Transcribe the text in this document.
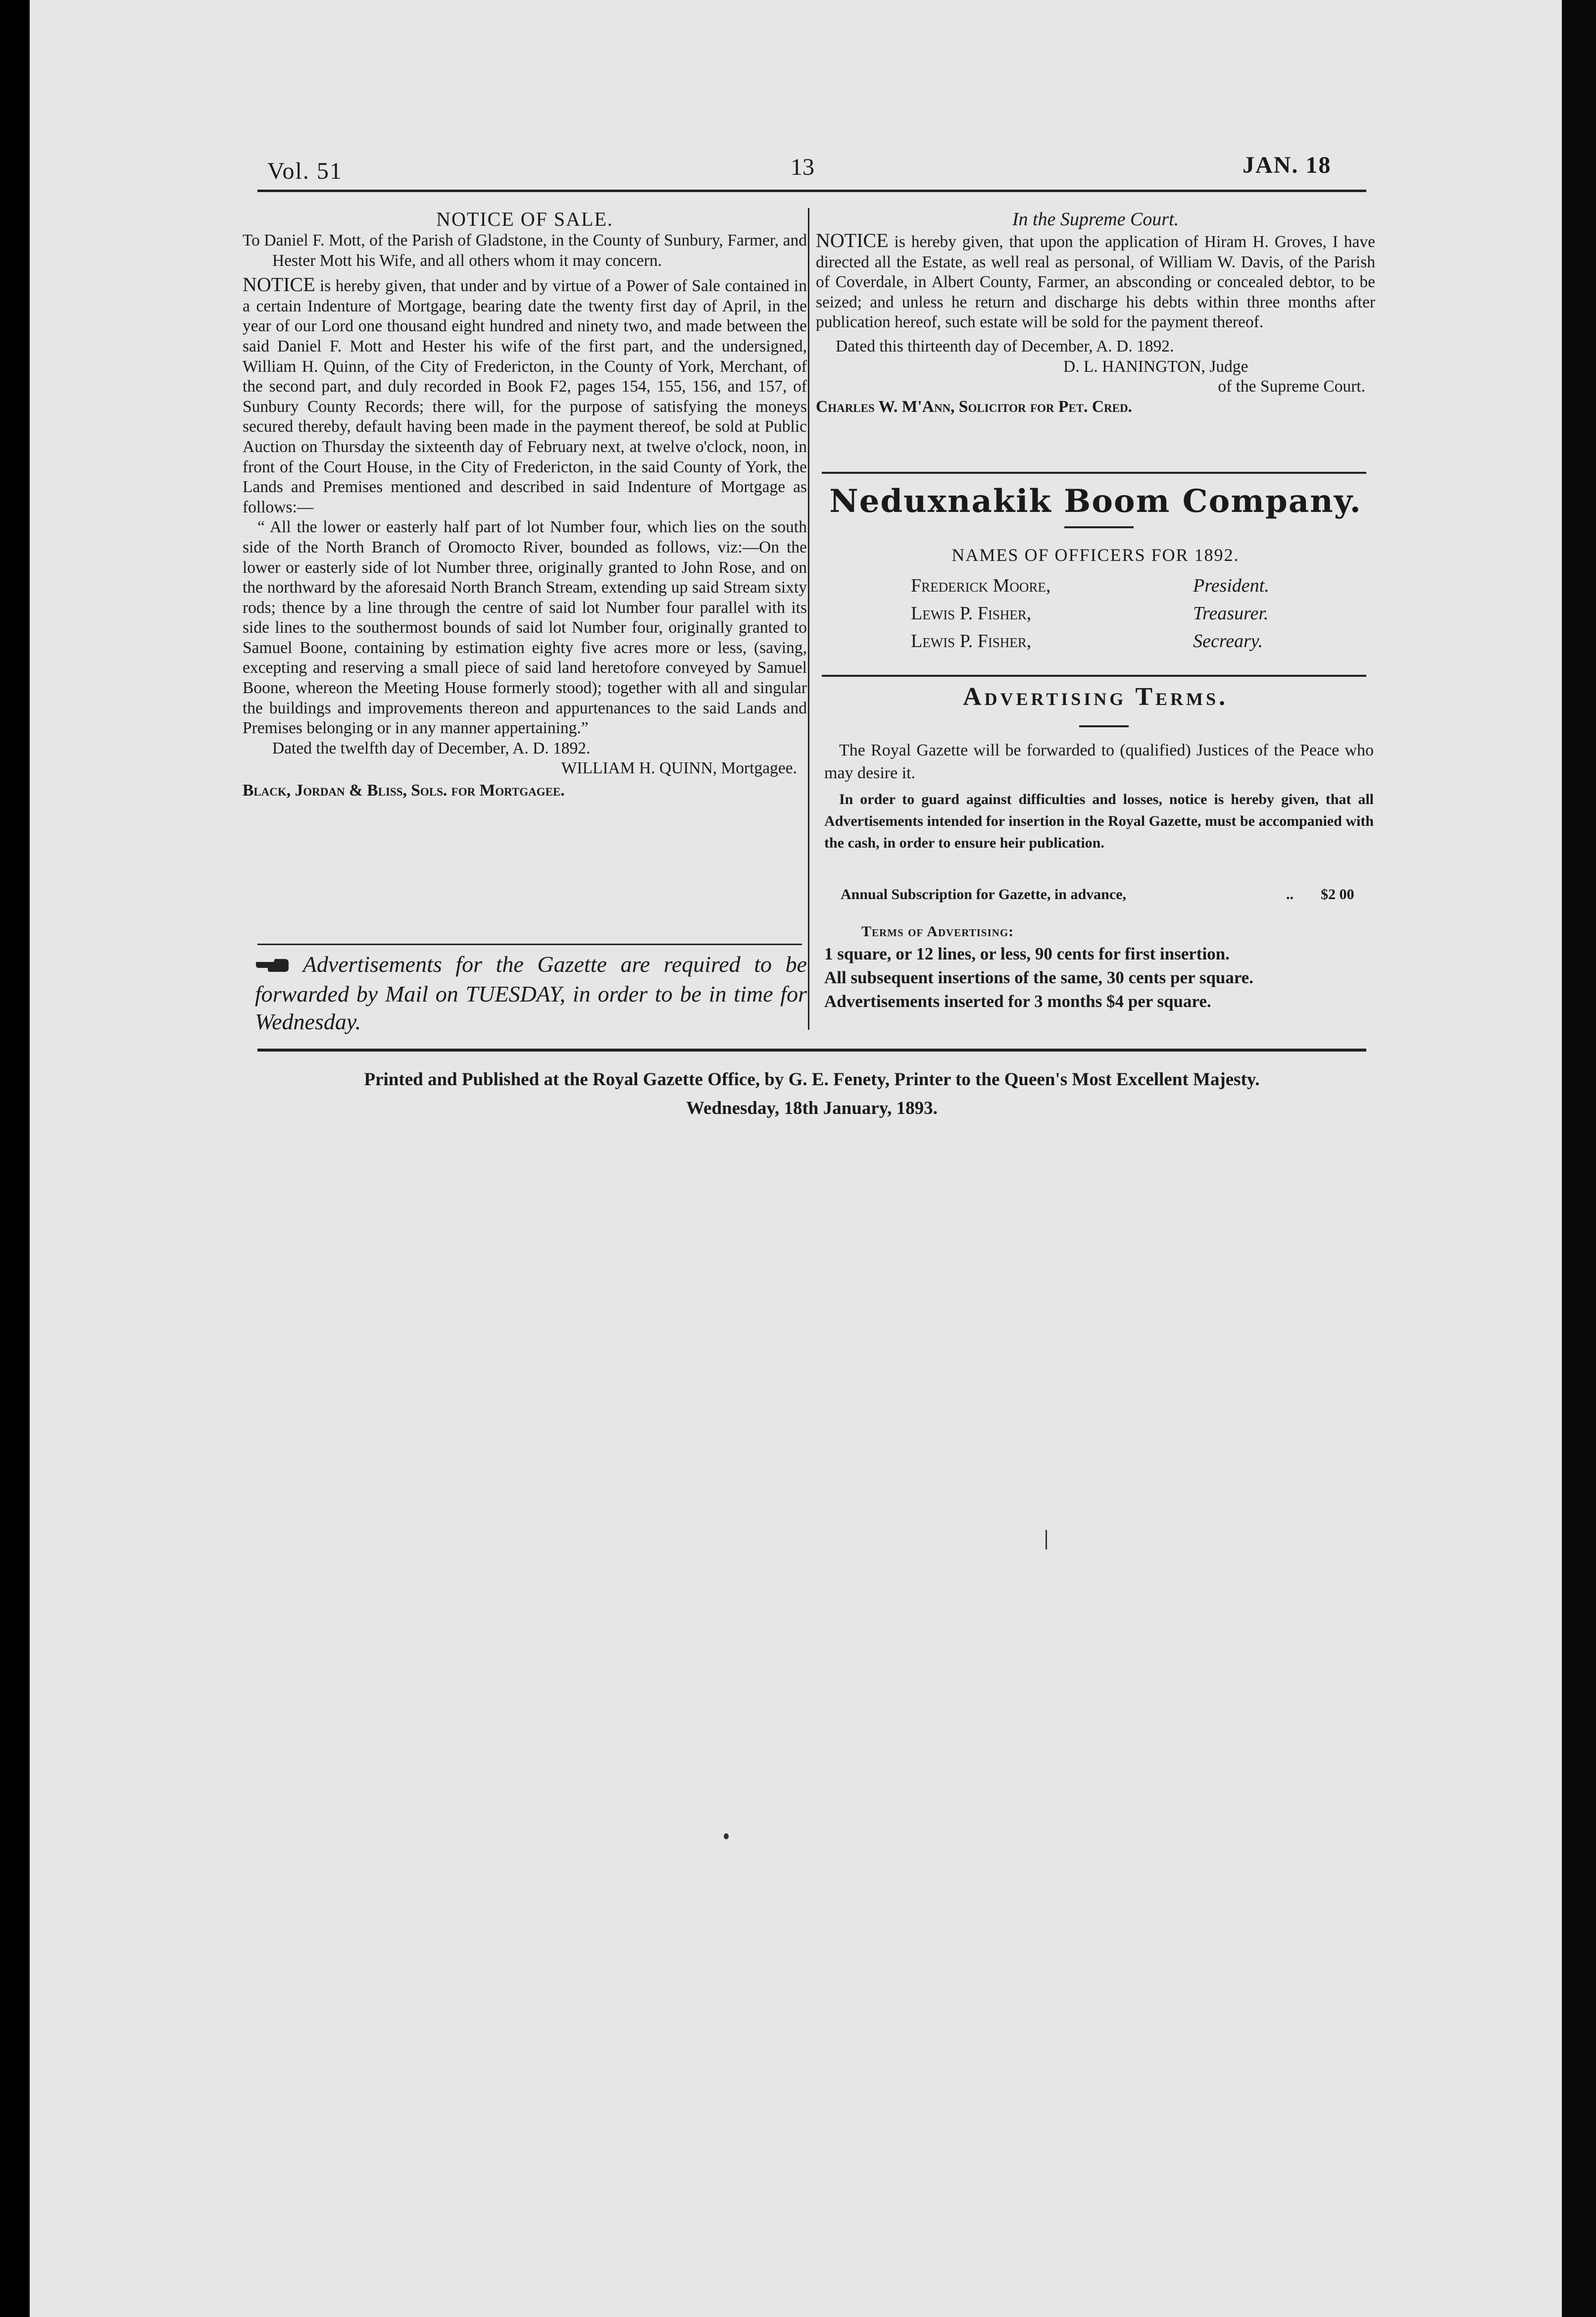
Vol. 51	13	JAN. 18

NOTICE OF SALE.

To Daniel F. Mott, of the Parish of Gladstone, in the County of Sunbury, Farmer, and Hester Mott his Wife, and all others whom it may concern.

NOTICE is hereby given, that under and by virtue of a Power of Sale contained in a certain Indenture of Mortgage, bearing date the twenty first day of April, in the year of our Lord one thousand eight hundred and ninety two, and made between the said Daniel F. Mott and Hester his wife of the first part, and the undersigned, William H. Quinn, of the City of Fredericton, in the County of York, Merchant, of the second part, and duly recorded in Book F2, pages 154, 155, 156, and 157, of Sunbury County Records; there will, for the purpose of satisfying the moneys secured thereby, default having been made in the payment thereof, be sold at Public Auction on Thursday the sixteenth day of February next, at twelve o'clock, noon, in front of the Court House, in the City of Fredericton, in the said County of York, the Lands and Premises mentioned and described in said Indenture of Mortgage as follows:—

“ All the lower or easterly half part of lot Number four, which lies on the south side of the North Branch of Oromocto River, bounded as follows, viz:—On the lower or easterly side of lot Number three, originally granted to John Rose, and on the northward by the aforesaid North Branch Stream, extending up said Stream sixty rods; thence by a line through the centre of said lot Number four parallel with its side lines to the southermost bounds of said lot Number four, originally granted to Samuel Boone, containing by estimation eighty five acres more or less, (saving, excepting and reserving a small piece of said land heretofore conveyed by Samuel Boone, whereon the Meeting House formerly stood); together with all and singular the buildings and improvements thereon and appurtenances to the said Lands and Premises belonging or in any manner appertaining.”

Dated the twelfth day of December, A. D. 1892.

WILLIAM H. QUINN, Mortgagee.

Black, Jordan & Bliss, Sols. for Mortgagee.

Advertisements for the Gazette are required to be forwarded by Mail on TUESDAY, in order to be in time for Wednesday.

In the Supreme Court.

NOTICE is hereby given, that upon the application of Hiram H. Groves, I have directed all the Estate, as well real as personal, of William W. Davis, of the Parish of Coverdale, in Albert County, Farmer, an absconding or concealed debtor, to be seized; and unless he return and discharge his debts within three months after publication hereof, such estate will be sold for the payment thereof.

Dated this thirteenth day of December, A. D. 1892.

D. L. HANINGTON, Judge

of the Supreme Court.

Charles W. M'Ann, Solicitor for Pet. Cred.

Neduxnakik Boom Company.
NAMES OF OFFICERS FOR 1892.
Frederick Moore,	President.
Lewis P. Fisher,	Treasurer.
Lewis P. Fisher,	Secreary.
Advertising Terms.
The Royal Gazette will be forwarded to (qualified) Justices of the Peace who may desire it.
In order to guard against difficulties and losses, notice is hereby given, that all Advertisements intended for insertion in the Royal Gazette, must be accompanied with the cash, in order to ensure heir publication.
Annual Subscription for Gazette, in advance,	.. $2 00
Terms of Advertising:
1 square, or 12 lines, or less, 90 cents for first insertion.
All subsequent insertions of the same, 30 cents per square.
Advertisements inserted for 3 months $4 per square.
Printed and Published at the Royal Gazette Office, by G. E. Fenety, Printer to the Queen's Most Excellent Majesty.
Wednesday, 18th January, 1893.
